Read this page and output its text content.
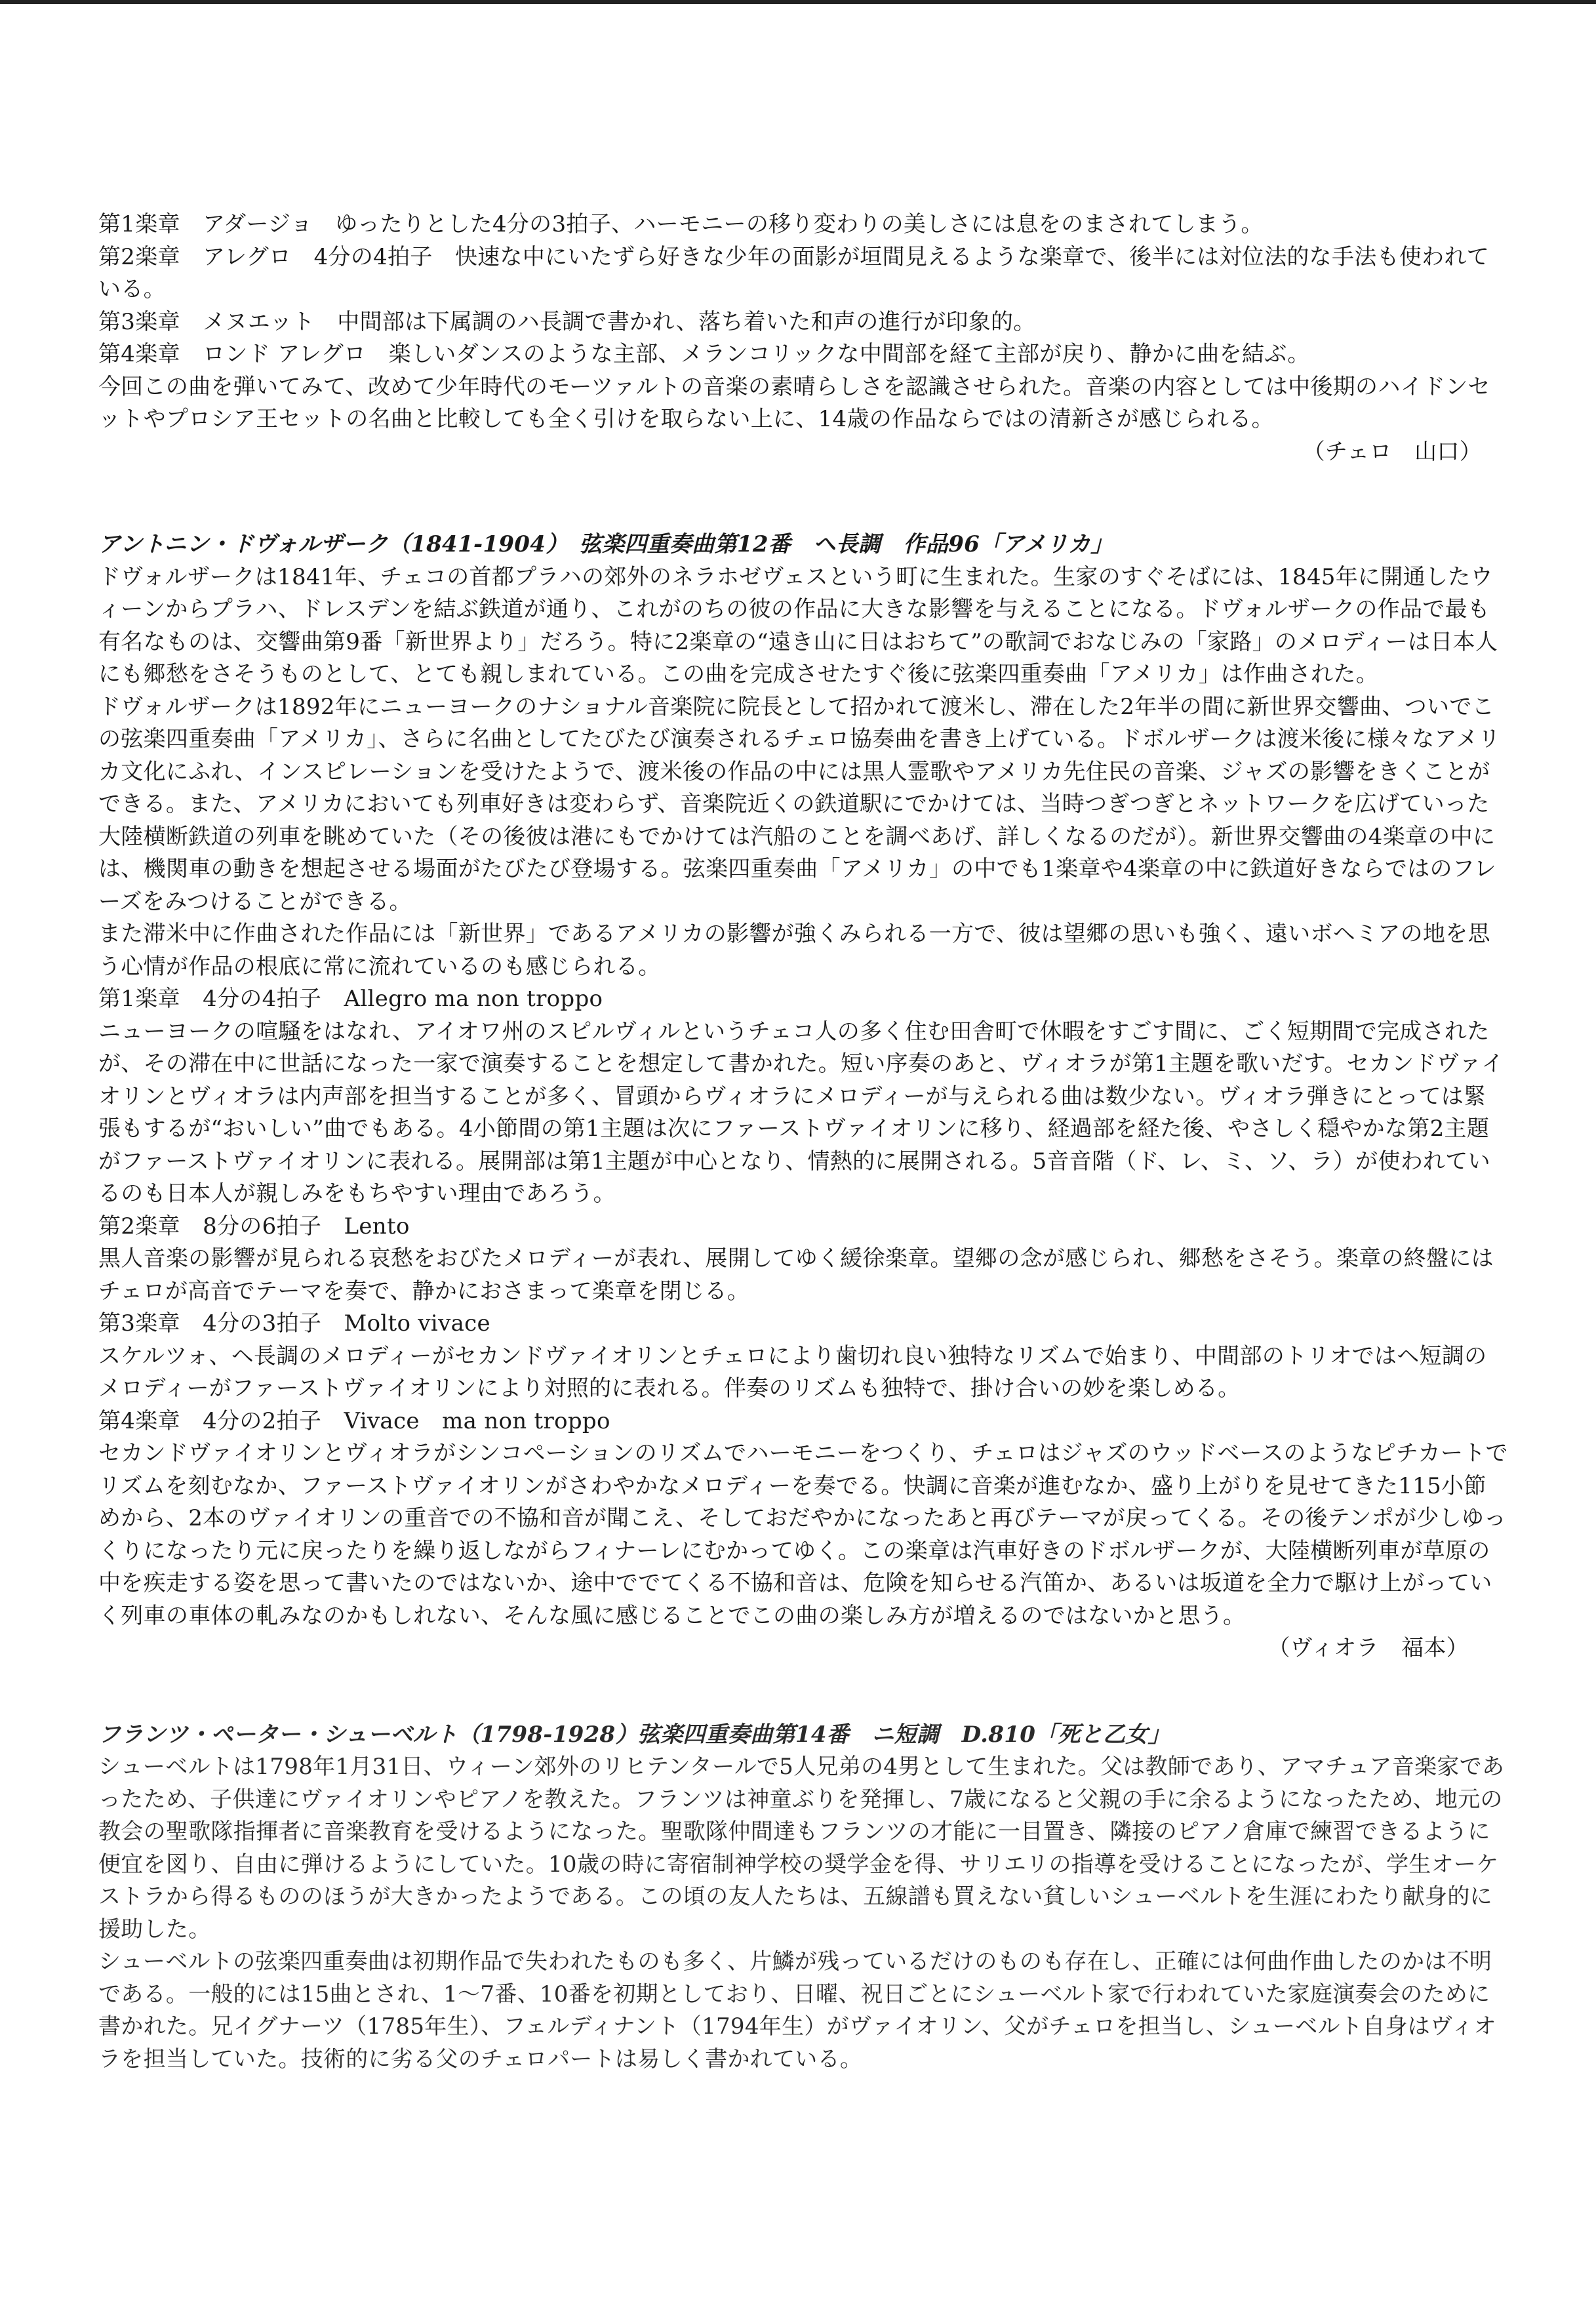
第1楽章　アダージョ　ゆったりとした4分の3拍子、ハーモニーの移り変わりの美しさには息をのまされてしまう。

第2楽章　アレグロ　4分の4拍子　快速な中にいたずら好きな少年の面影が垣間見えるような楽章で、後半には対位法的な手法も使われている。

第3楽章　メヌエット　中間部は下属調のハ長調で書かれ、落ち着いた和声の進行が印象的。

第4楽章　ロンド アレグロ　楽しいダンスのような主部、メランコリックな中間部を経て主部が戻り、静かに曲を結ぶ。

今回この曲を弾いてみて、改めて少年時代のモーツァルトの音楽の素晴らしさを認識させられた。音楽の内容としては中後期のハイドンセットやプロシア王セットの名曲と比較しても全く引けを取らない上に、14歳の作品ならではの清新さが感じられる。

（チェロ　山口）

アントニン・ドヴォルザーク（1841-1904）　弦楽四重奏曲第12番　ヘ長調　作品96「アメリカ」

ドヴォルザークは1841年、チェコの首都プラハの郊外のネラホゼヴェスという町に生まれた。生家のすぐそばには、1845年に開通したウィーンからプラハ、ドレスデンを結ぶ鉄道が通り、これがのちの彼の作品に大きな影響を与えることになる。ドヴォルザークの作品で最も有名なものは、交響曲第9番「新世界より」だろう。特に2楽章の“遠き山に日はおちて”の歌詞でおなじみの「家路」のメロディーは日本人にも郷愁をさそうものとして、とても親しまれている。この曲を完成させたすぐ後に弦楽四重奏曲「アメリカ」は作曲された。

ドヴォルザークは1892年にニューヨークのナショナル音楽院に院長として招かれて渡米し、滞在した2年半の間に新世界交響曲、ついでこの弦楽四重奏曲「アメリカ」、さらに名曲としてたびたび演奏されるチェロ協奏曲を書き上げている。ドボルザークは渡米後に様々なアメリカ文化にふれ、インスピレーションを受けたようで、渡米後の作品の中には黒人霊歌やアメリカ先住民の音楽、ジャズの影響をきくことができる。また、アメリカにおいても列車好きは変わらず、音楽院近くの鉄道駅にでかけては、当時つぎつぎとネットワークを広げていった大陸横断鉄道の列車を眺めていた（その後彼は港にもでかけては汽船のことを調べあげ、詳しくなるのだが）。新世界交響曲の4楽章の中には、機関車の動きを想起させる場面がたびたび登場する。弦楽四重奏曲「アメリカ」の中でも1楽章や4楽章の中に鉄道好きならではのフレーズをみつけることができる。

また滞米中に作曲された作品には「新世界」であるアメリカの影響が強くみられる一方で、彼は望郷の思いも強く、遠いボヘミアの地を思う心情が作品の根底に常に流れているのも感じられる。

第1楽章　4分の4拍子　Allegro ma non troppo

ニューヨークの喧騒をはなれ、アイオワ州のスピルヴィルというチェコ人の多く住む田舎町で休暇をすごす間に、ごく短期間で完成されたが、その滞在中に世話になった一家で演奏することを想定して書かれた。短い序奏のあと、ヴィオラが第1主題を歌いだす。セカンドヴァイオリンとヴィオラは内声部を担当することが多く、冒頭からヴィオラにメロディーが与えられる曲は数少ない。ヴィオラ弾きにとっては緊張もするが“おいしい”曲でもある。4小節間の第1主題は次にファーストヴァイオリンに移り、経過部を経た後、やさしく穏やかな第2主題がファーストヴァイオリンに表れる。展開部は第1主題が中心となり、情熱的に展開される。5音音階（ド、レ、ミ、ソ、ラ）が使われているのも日本人が親しみをもちやすい理由であろう。

第2楽章　8分の6拍子　Lento

黒人音楽の影響が見られる哀愁をおびたメロディーが表れ、展開してゆく緩徐楽章。望郷の念が感じられ、郷愁をさそう。楽章の終盤にはチェロが高音でテーマを奏で、静かにおさまって楽章を閉じる。

第3楽章　4分の3拍子　Molto vivace

スケルツォ、ヘ長調のメロディーがセカンドヴァイオリンとチェロにより歯切れ良い独特なリズムで始まり、中間部のトリオではヘ短調のメロディーがファーストヴァイオリンにより対照的に表れる。伴奏のリズムも独特で、掛け合いの妙を楽しめる。

第4楽章　4分の2拍子　Vivace　ma non troppo

セカンドヴァイオリンとヴィオラがシンコペーションのリズムでハーモニーをつくり、チェロはジャズのウッドベースのようなピチカートでリズムを刻むなか、ファーストヴァイオリンがさわやかなメロディーを奏でる。快調に音楽が進むなか、盛り上がりを見せてきた115小節めから、2本のヴァイオリンの重音での不協和音が聞こえ、そしておだやかになったあと再びテーマが戻ってくる。その後テンポが少しゆっくりになったり元に戻ったりを繰り返しながらフィナーレにむかってゆく。この楽章は汽車好きのドボルザークが、大陸横断列車が草原の中を疾走する姿を思って書いたのではないか、途中ででてくる不協和音は、危険を知らせる汽笛か、あるいは坂道を全力で駆け上がっていく列車の車体の軋みなのかもしれない、そんな風に感じることでこの曲の楽しみ方が増えるのではないかと思う。

（ヴィオラ　福本）

フランツ・ペーター・シューベルト（1798-1928）弦楽四重奏曲第14番　ニ短調　D.810「死と乙女」

シューベルトは1798年1月31日、ウィーン郊外のリヒテンタールで5人兄弟の4男として生まれた。父は教師であり、アマチュア音楽家であったため、子供達にヴァイオリンやピアノを教えた。フランツは神童ぶりを発揮し、7歳になると父親の手に余るようになったため、地元の教会の聖歌隊指揮者に音楽教育を受けるようになった。聖歌隊仲間達もフランツの才能に一目置き、隣接のピアノ倉庫で練習できるように便宜を図り、自由に弾けるようにしていた。10歳の時に寄宿制神学校の奨学金を得、サリエリの指導を受けることになったが、学生オーケストラから得るもののほうが大きかったようである。この頃の友人たちは、五線譜も買えない貧しいシューベルトを生涯にわたり献身的に援助した。

シューベルトの弦楽四重奏曲は初期作品で失われたものも多く、片鱗が残っているだけのものも存在し、正確には何曲作曲したのかは不明である。一般的には15曲とされ、1～7番、10番を初期としており、日曜、祝日ごとにシューベルト家で行われていた家庭演奏会のために書かれた。兄イグナーツ（1785年生）、フェルディナント（1794年生）がヴァイオリン、父がチェロを担当し、シューベルト自身はヴィオラを担当していた。技術的に劣る父のチェロパートは易しく書かれている。
